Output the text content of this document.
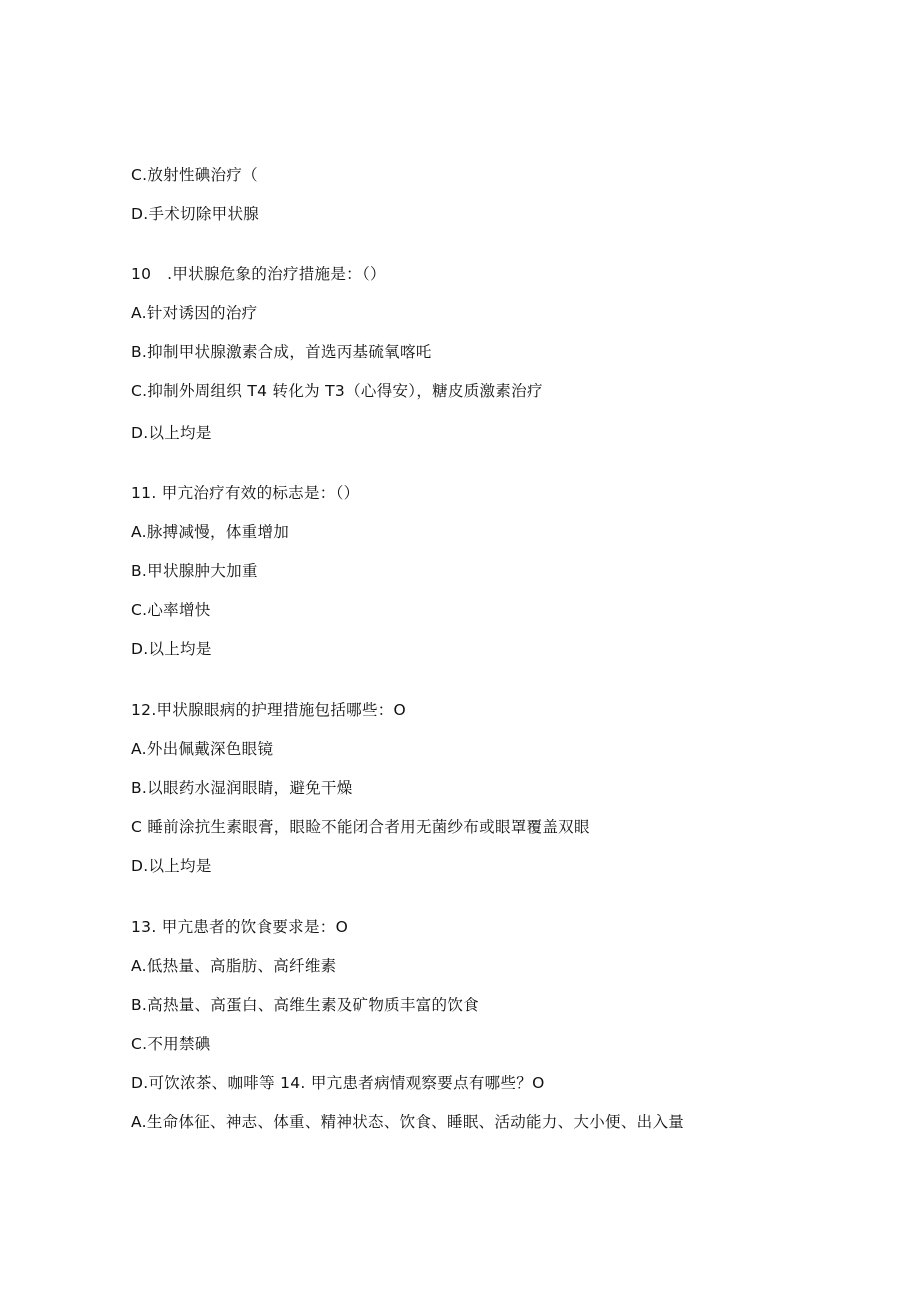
C.放射性碘治疗（
D.手术切除甲状腺
10　.甲状腺危象的治疗措施是：（）
A.针对诱因的治疗
B.抑制甲状腺激素合成，首选丙基硫氧喀吒
C.抑制外周组织 T4 转化为 T3（心得安），糖皮质激素治疗
D.以上均是
11. 甲亢治疗有效的标志是：（）
A.脉搏减慢，体重增加
B.甲状腺肿大加重
C.心率增快
D.以上均是
12.甲状腺眼病的护理措施包括哪些：O
A.外出佩戴深色眼镜
B.以眼药水湿润眼睛，避免干燥
C 睡前涂抗生素眼膏，眼睑不能闭合者用无菌纱布或眼罩覆盖双眼
D.以上均是
13. 甲亢患者的饮食要求是：O
A.低热量、高脂肪、高纤维素
B.高热量、高蛋白、高维生素及矿物质丰富的饮食
C.不用禁碘
D.可饮浓茶、咖啡等 14. 甲亢患者病情观察要点有哪些？O
A.生命体征、神志、体重、精神状态、饮食、睡眠、活动能力、大小便、出入量
